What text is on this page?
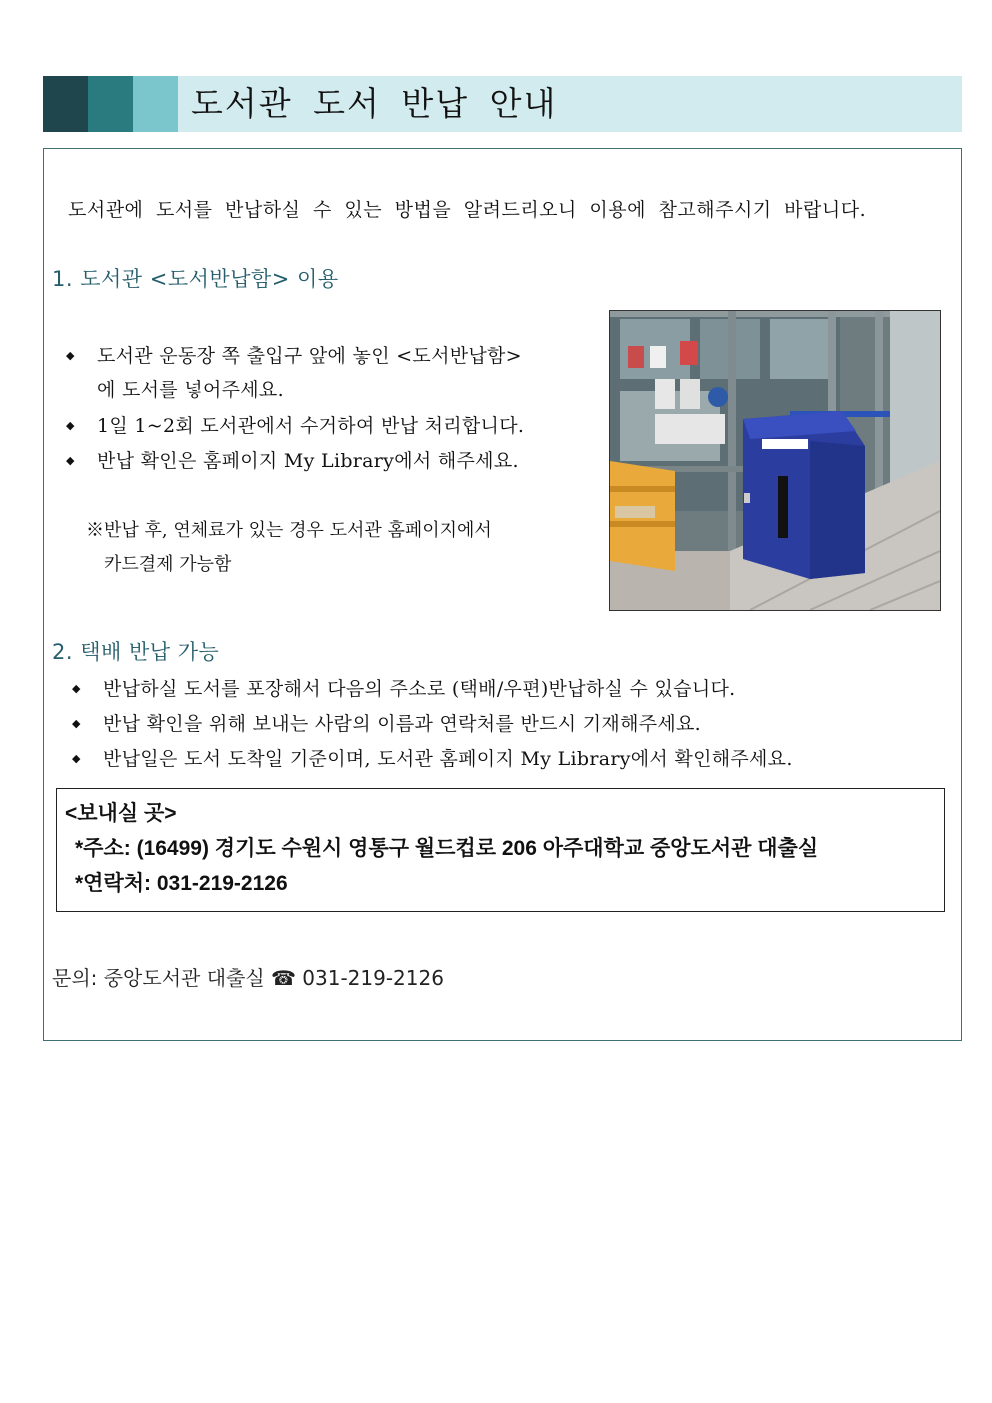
도서관 도서 반납 안내
도서관에 도서를 반납하실 수 있는 방법을 알려드리오니 이용에 참고해주시기 바랍니다.
1. 도서관 <도서반납함> 이용
◆ 도서관 운동장 쪽 출입구 앞에 놓인 <도서반납함>
에 도서를 넣어주세요.
◆ 1일 1~2회 도서관에서 수거하여 반납 처리합니다.
◆ 반납 확인은 홈페이지 My Library에서 해주세요.
※반납 후, 연체료가 있는 경우 도서관 홈페이지에서
카드결제 가능함
2. 택배 반납 가능
◆ 반납하실 도서를 포장해서 다음의 주소로 (택배/우편)반납하실 수 있습니다.
◆ 반납 확인을 위해 보내는 사람의 이름과 연락처를 반드시 기재해주세요.
◆ 반납일은 도서 도착일 기준이며, 도서관 홈페이지 My Library에서 확인해주세요.
<보내실 곳>
*주소: (16499) 경기도 수원시 영통구 월드컵로 206 아주대학교 중앙도서관 대출실
*연락처: 031-219-2126
문의: 중앙도서관 대출실 ☎ 031-219-2126
